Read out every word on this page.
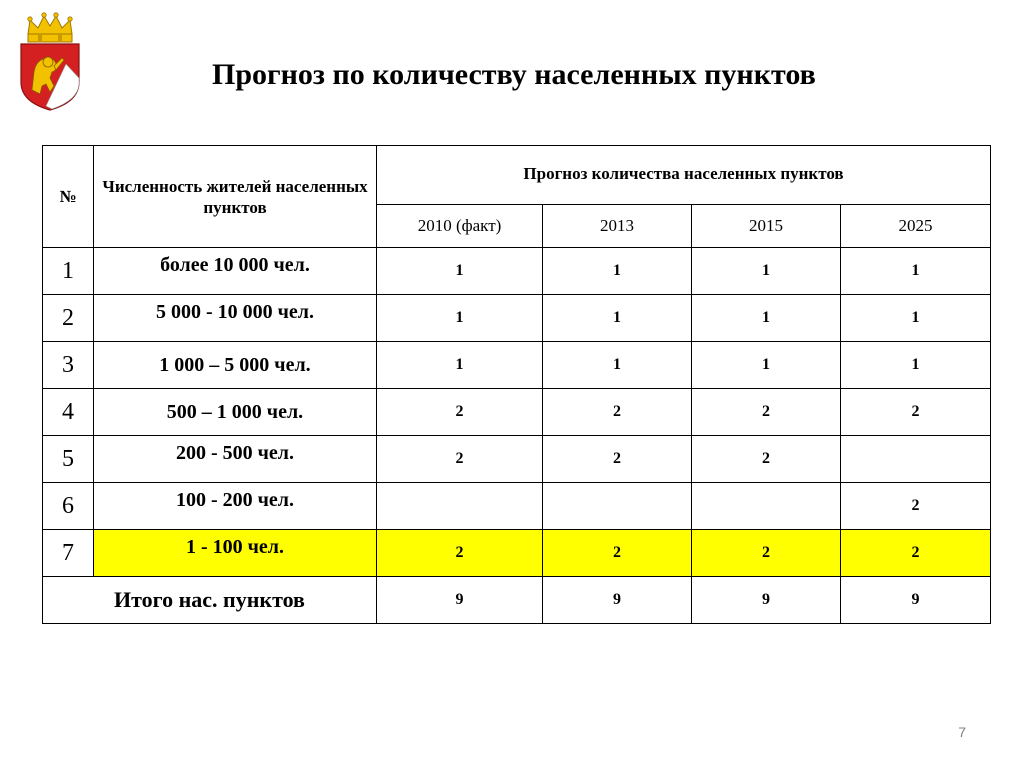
Прогноз по количеству населенных пунктов
№	Численность жителей населенных пунктов	Прогноз количества населенных пунктов			
		2010 (факт)	2013	2015	2025
1	более 10 000 чел.	1	1	1	1
2	5 000 - 10 000 чел.	1	1	1	1
3	1 000 – 5 000 чел.	1	1	1	1
4	500 – 1 000 чел.	2	2	2	2
5	200 - 500 чел.	2	2	2	
6	100 - 200 чел.				2
7	1 - 100 чел.	2	2	2	2
Итого нас. пунктов		9	9	9	9
7
